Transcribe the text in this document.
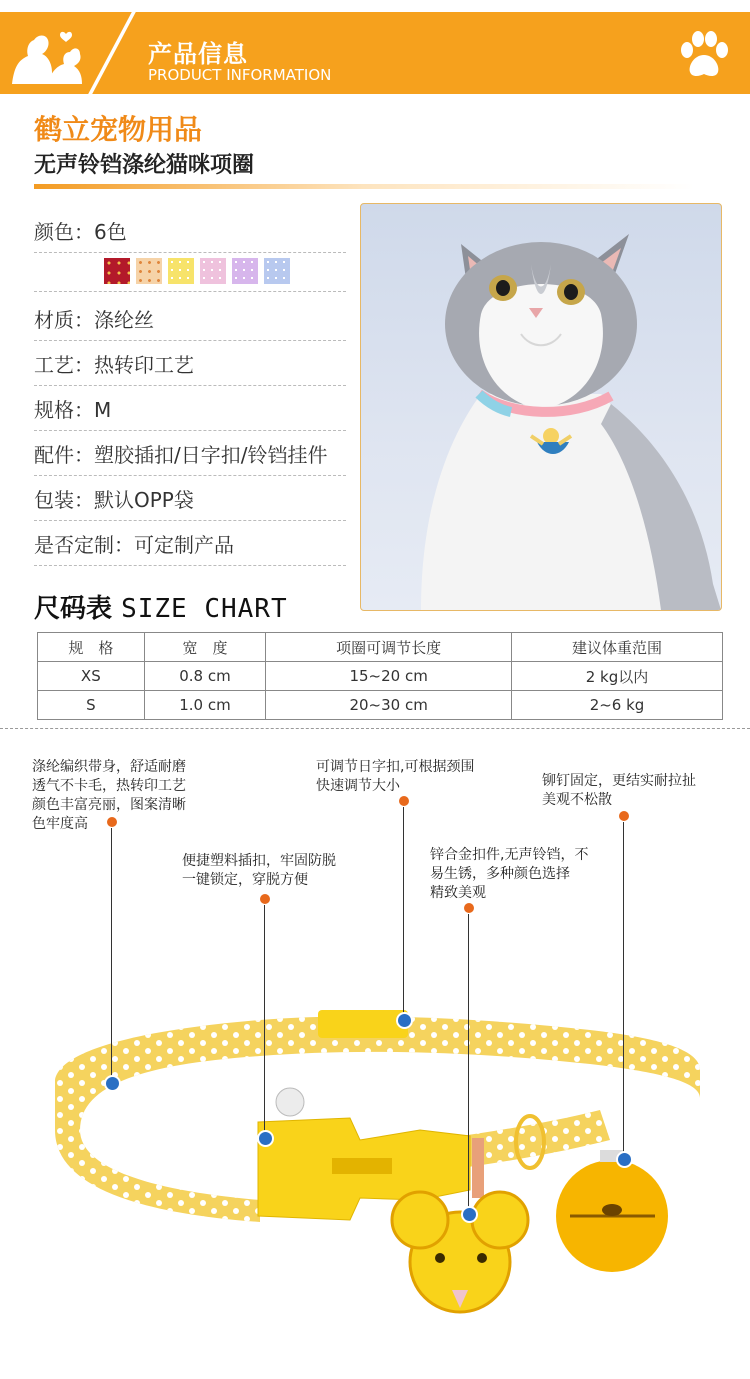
产品信息
PRODUCT INFORMATION
鹤立宠物用品
无声铃铛涤纶猫咪项圈
颜色：6色
材质：涤纶丝
工艺：热转印工艺
规格：M
配件：塑胶插扣/日字扣/铃铛挂件
包装：默认OPP袋
是否定制：可定制产品
尺码表 SIZE CHART
规　格	宽　度	项圈可调节长度	建议体重范围
XS	0.8 cm	15~20 cm	2 kg以内
S	1.0 cm	20~30 cm	2~6 kg
涤纶编织带身，舒适耐磨
透气不卡毛，热转印工艺
颜色丰富亮丽，图案清晰
色牢度高
便捷塑料插扣，牢固防脱
一键锁定，穿脱方便
可调节日字扣,可根据颈围
快速调节大小
锌合金扣件,无声铃铛，不
易生锈，多种颜色选择
精致美观
铆钉固定，更结实耐拉扯
美观不松散
